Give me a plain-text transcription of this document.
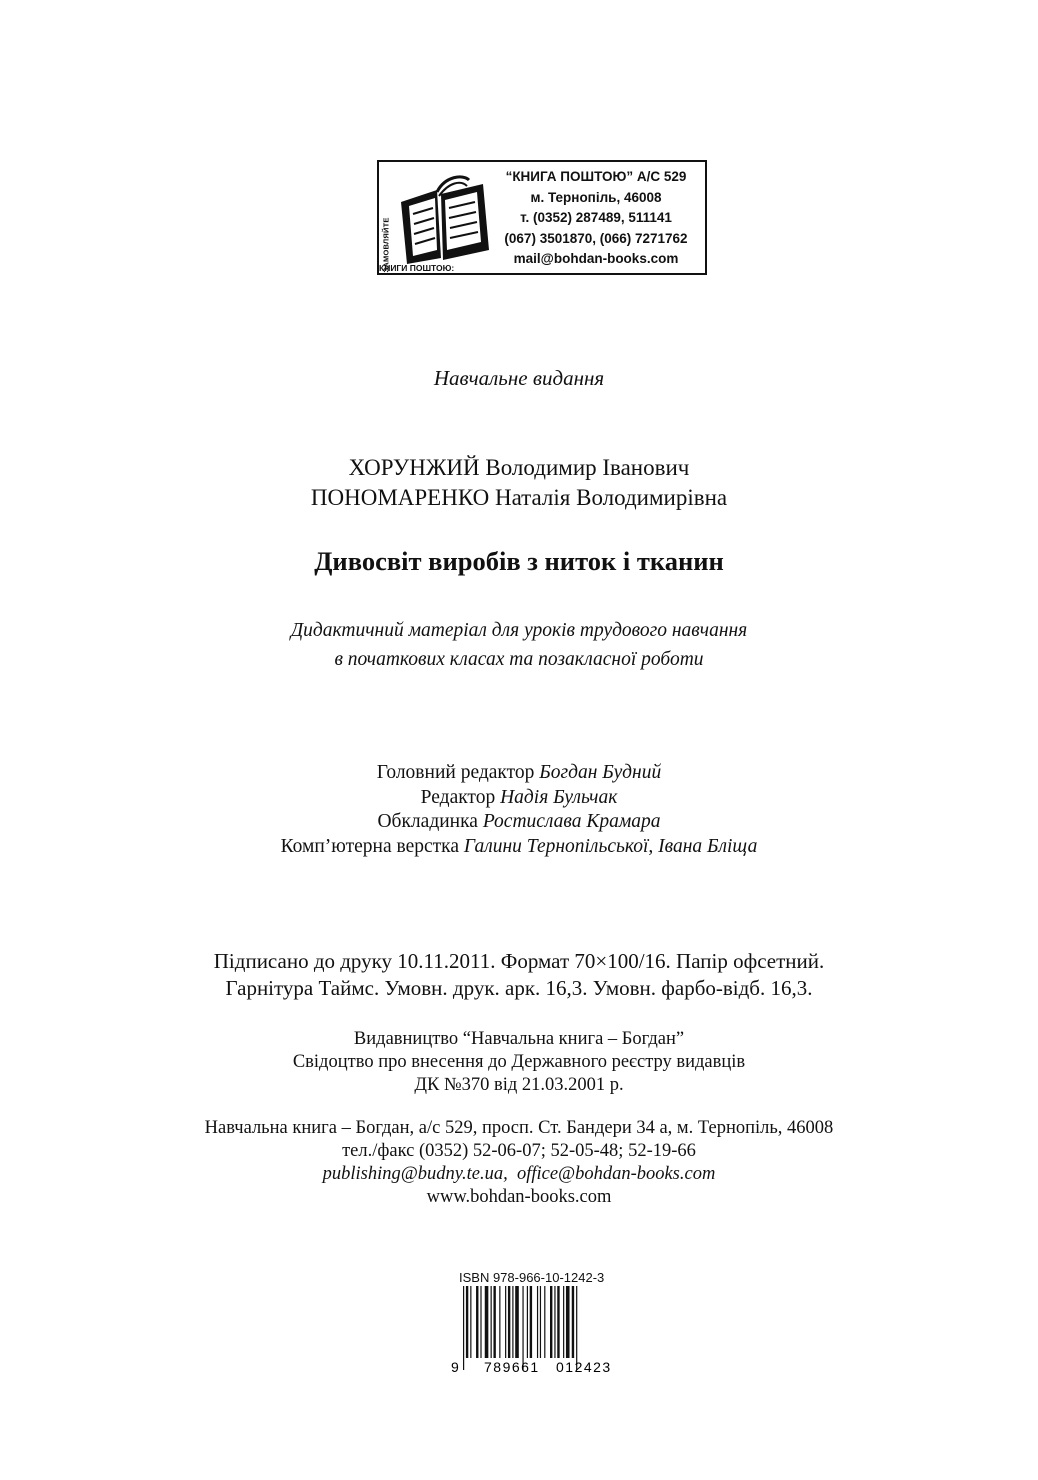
ЗАМОВЛЯЙТЕ
КНИГИ ПОШТОЮ:
“КНИГА ПОШТОЮ” А/С 529
м. Тернопіль, 46008
т. (0352) 287489, 511141
(067) 3501870, (066) 7271762
mail@bohdan-books.com
Навчальне видання
ХОРУНЖИЙ Володимир Іванович
ПОНОМАРЕНКО Наталія Володимирівна
Дивосвіт виробів з ниток і тканин
Дидактичний матеріал для уроків трудового навчання
в початкових класах та позакласної роботи
Головний редактор Богдан Будний
Редактор Надія Бульчак
Обкладинка Ростислава Крамара
Комп’ютерна верстка Галини Тернопільської, Івана Бліща
Підписано до друку 10.11.2011. Формат 70×100/16. Папір офсетний.
Гарнітура Таймс. Умовн. друк. арк. 16,3. Умовн. фарбо-відб. 16,3.
Видавництво “Навчальна книга – Богдан”
Свідоцтво про внесення до Державного реєстру видавців
ДК №370 від 21.03.2001 р.
Навчальна книга – Богдан, а/с 529, просп. Ст. Бандери 34 а, м. Тернопіль, 46008
тел./факс (0352) 52-06-07; 52-05-48; 52-19-66
publishing@budny.te.ua, office@bohdan-books.com
www.bohdan-books.com
ISBN 978-966-10-1242-3
9 789661 012423
